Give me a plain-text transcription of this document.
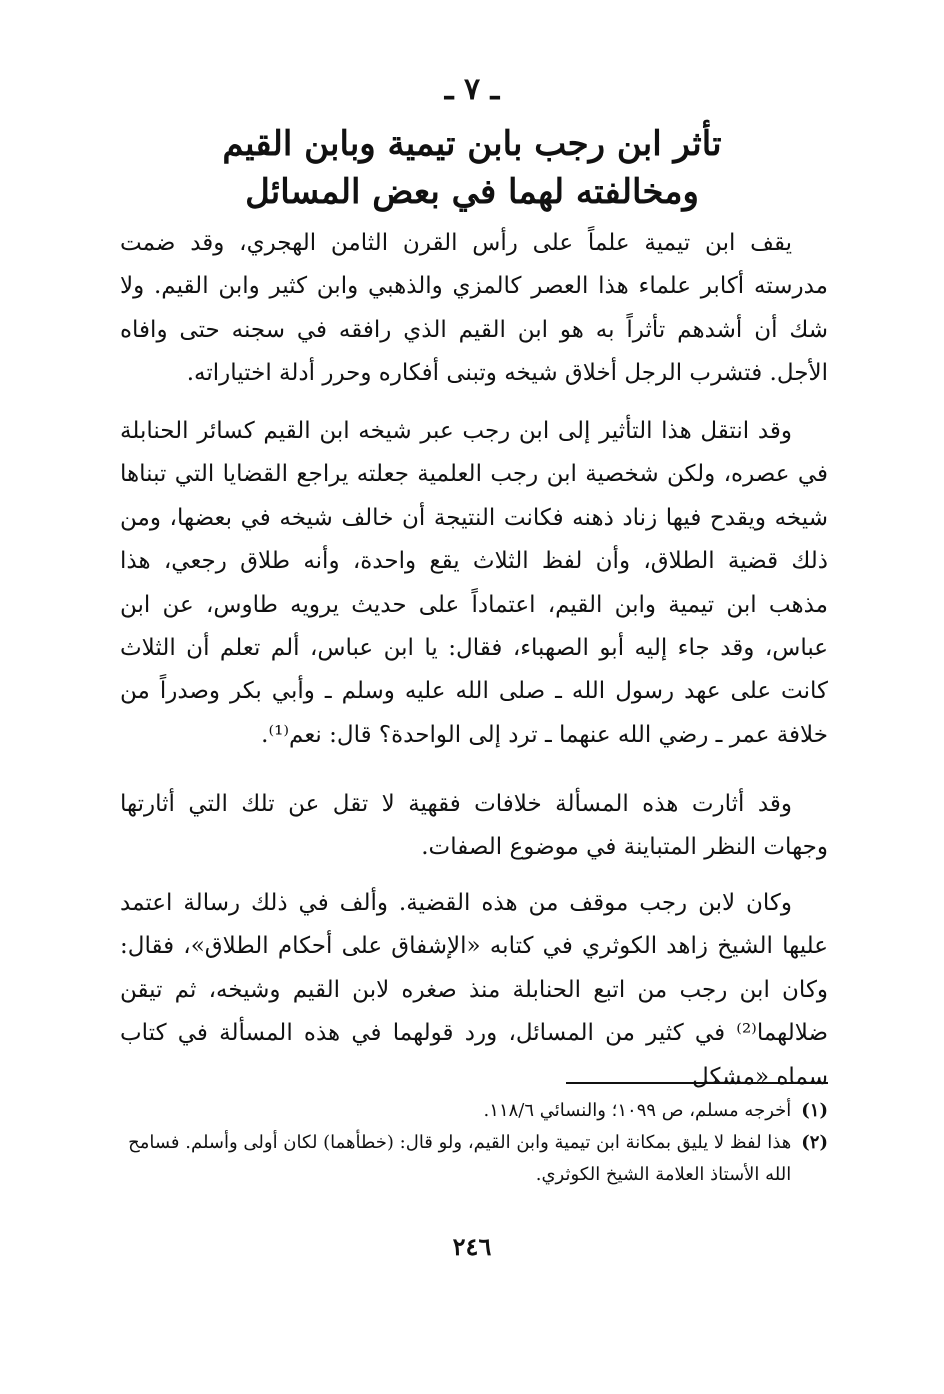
ـ ٧ ـ
تأثر ابن رجب بابن تيمية وبابن القيم
ومخالفته لهما في بعض المسائل

يقف ابن تيمية علماً على رأس القرن الثامن الهجري، وقد ضمت مدرسته أكابر علماء هذا العصر كالمزي والذهبي وابن كثير وابن القيم. ولا شك أن أشدهم تأثراً به هو ابن القيم الذي رافقه في سجنه حتى وافاه الأجل. فتشرب الرجل أخلاق شيخه وتبنى أفكاره وحرر أدلة اختياراته.

وقد انتقل هذا التأثير إلى ابن رجب عبر شيخه ابن القيم كسائر الحنابلة في عصره، ولكن شخصية ابن رجب العلمية جعلته يراجع القضايا التي تبناها شيخه ويقدح فيها زناد ذهنه فكانت النتيجة أن خالف شيخه في بعضها، ومن ذلك قضية الطلاق، وأن لفظ الثلاث يقع واحدة، وأنه طلاق رجعي، هذا مذهب ابن تيمية وابن القيم، اعتماداً على حديث يرويه طاوس، عن ابن عباس، وقد جاء إليه أبو الصهباء، فقال: يا ابن عباس، ألم تعلم أن الثلاث كانت على عهد رسول الله ـ صلى الله عليه وسلم ـ وأبي بكر وصدراً من خلافة عمر ـ رضي الله عنهما ـ ترد إلى الواحدة؟ قال: نعم⁽¹⁾.

وقد أثارت هذه المسألة خلافات فقهية لا تقل عن تلك التي أثارتها وجهات النظر المتباينة في موضوع الصفات.

وكان لابن رجب موقف من هذه القضية. وألف في ذلك رسالة اعتمد عليها الشيخ زاهد الكوثري في كتابه «الإشفاق على أحكام الطلاق»، فقال: وكان ابن رجب من اتبع الحنابلة منذ صغره لابن القيم وشيخه، ثم تيقن ضلالهما⁽²⁾ في كثير من المسائل، ورد قولهما في هذه المسألة في كتاب سماه «مشكل

(١)
أخرجه مسلم، ص ١٠٩٩؛ والنسائي ١١٨/٦.

(٢)
هذا لفظ لا يليق بمكانة ابن تيمية وابن القيم، ولو قال: (خطأهما) لكان أولى وأسلم. فسامح الله الأستاذ العلامة الشيخ الكوثري.

٢٤٦
